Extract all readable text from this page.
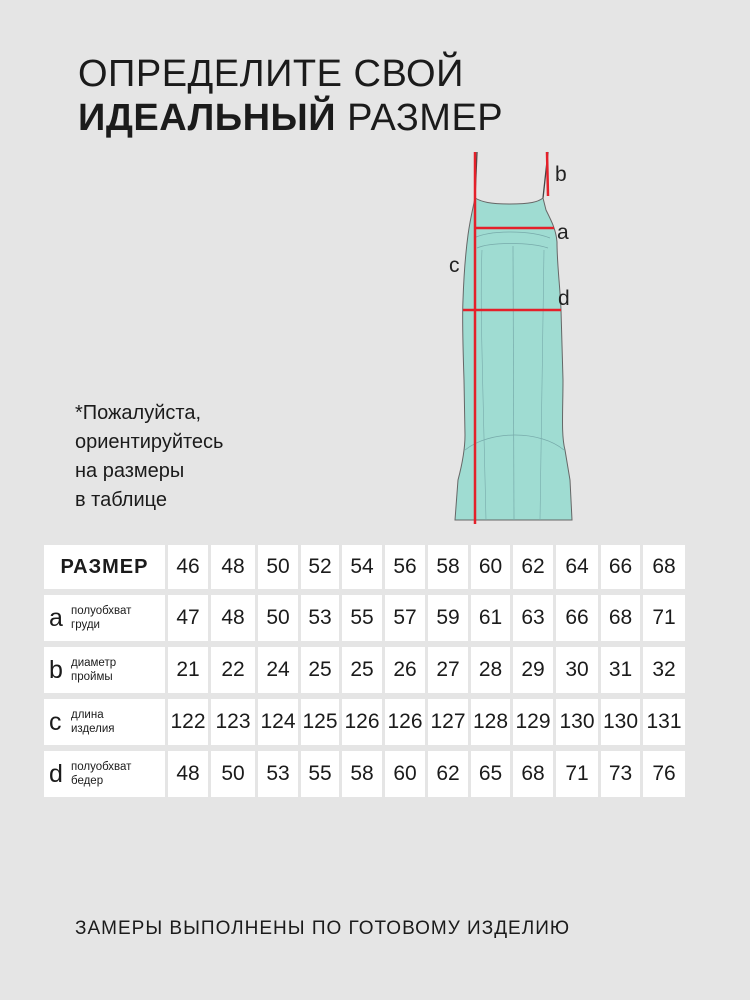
ОПРЕДЕЛИТЕ СВОЙ
ИДЕАЛЬНЫЙ РАЗМЕР
*Пожалуйста,
ориентируйтесь
на размеры
в таблице
b
a
c
d
РАЗМЕР	46	48	50 52 54 56 58 60 62 64 66 68
a полуобхват
груди	47	48	50 53 55 57 59 61 63 66 68 71
b диаметр
проймы	21	22	24 25 25 26 27 28 29 30 31 32
c длина
изделия	122 123 124 125 126 126 127 128 129 130 130 131
d полуобхват
бедер	48	50	53 55 58 60 62 65 68 71 73 76
ЗАМЕРЫ ВЫПОЛНЕНЫ ПО ГОТОВОМУ ИЗДЕЛИЮ
